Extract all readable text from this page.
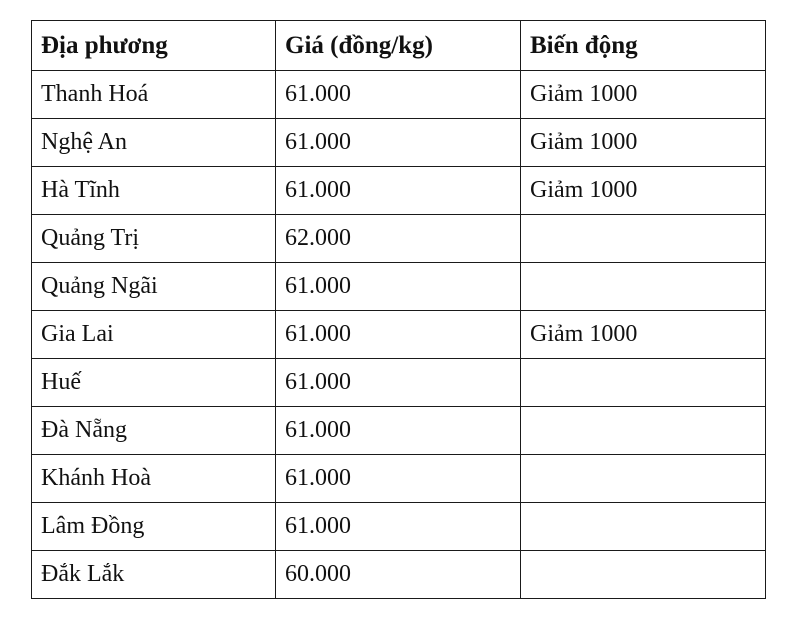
Địa phương	Giá (đồng/kg)	Biến động
Thanh Hoá	61.000	Giảm 1000
Nghệ An	61.000	Giảm 1000
Hà Tĩnh	61.000	Giảm 1000
Quảng Trị	62.000	
Quảng Ngãi	61.000	
Gia Lai	61.000	Giảm 1000
Huế	61.000	
Đà Nẵng	61.000	
Khánh Hoà	61.000	
Lâm Đồng	61.000	
Đắk Lắk	60.000	
